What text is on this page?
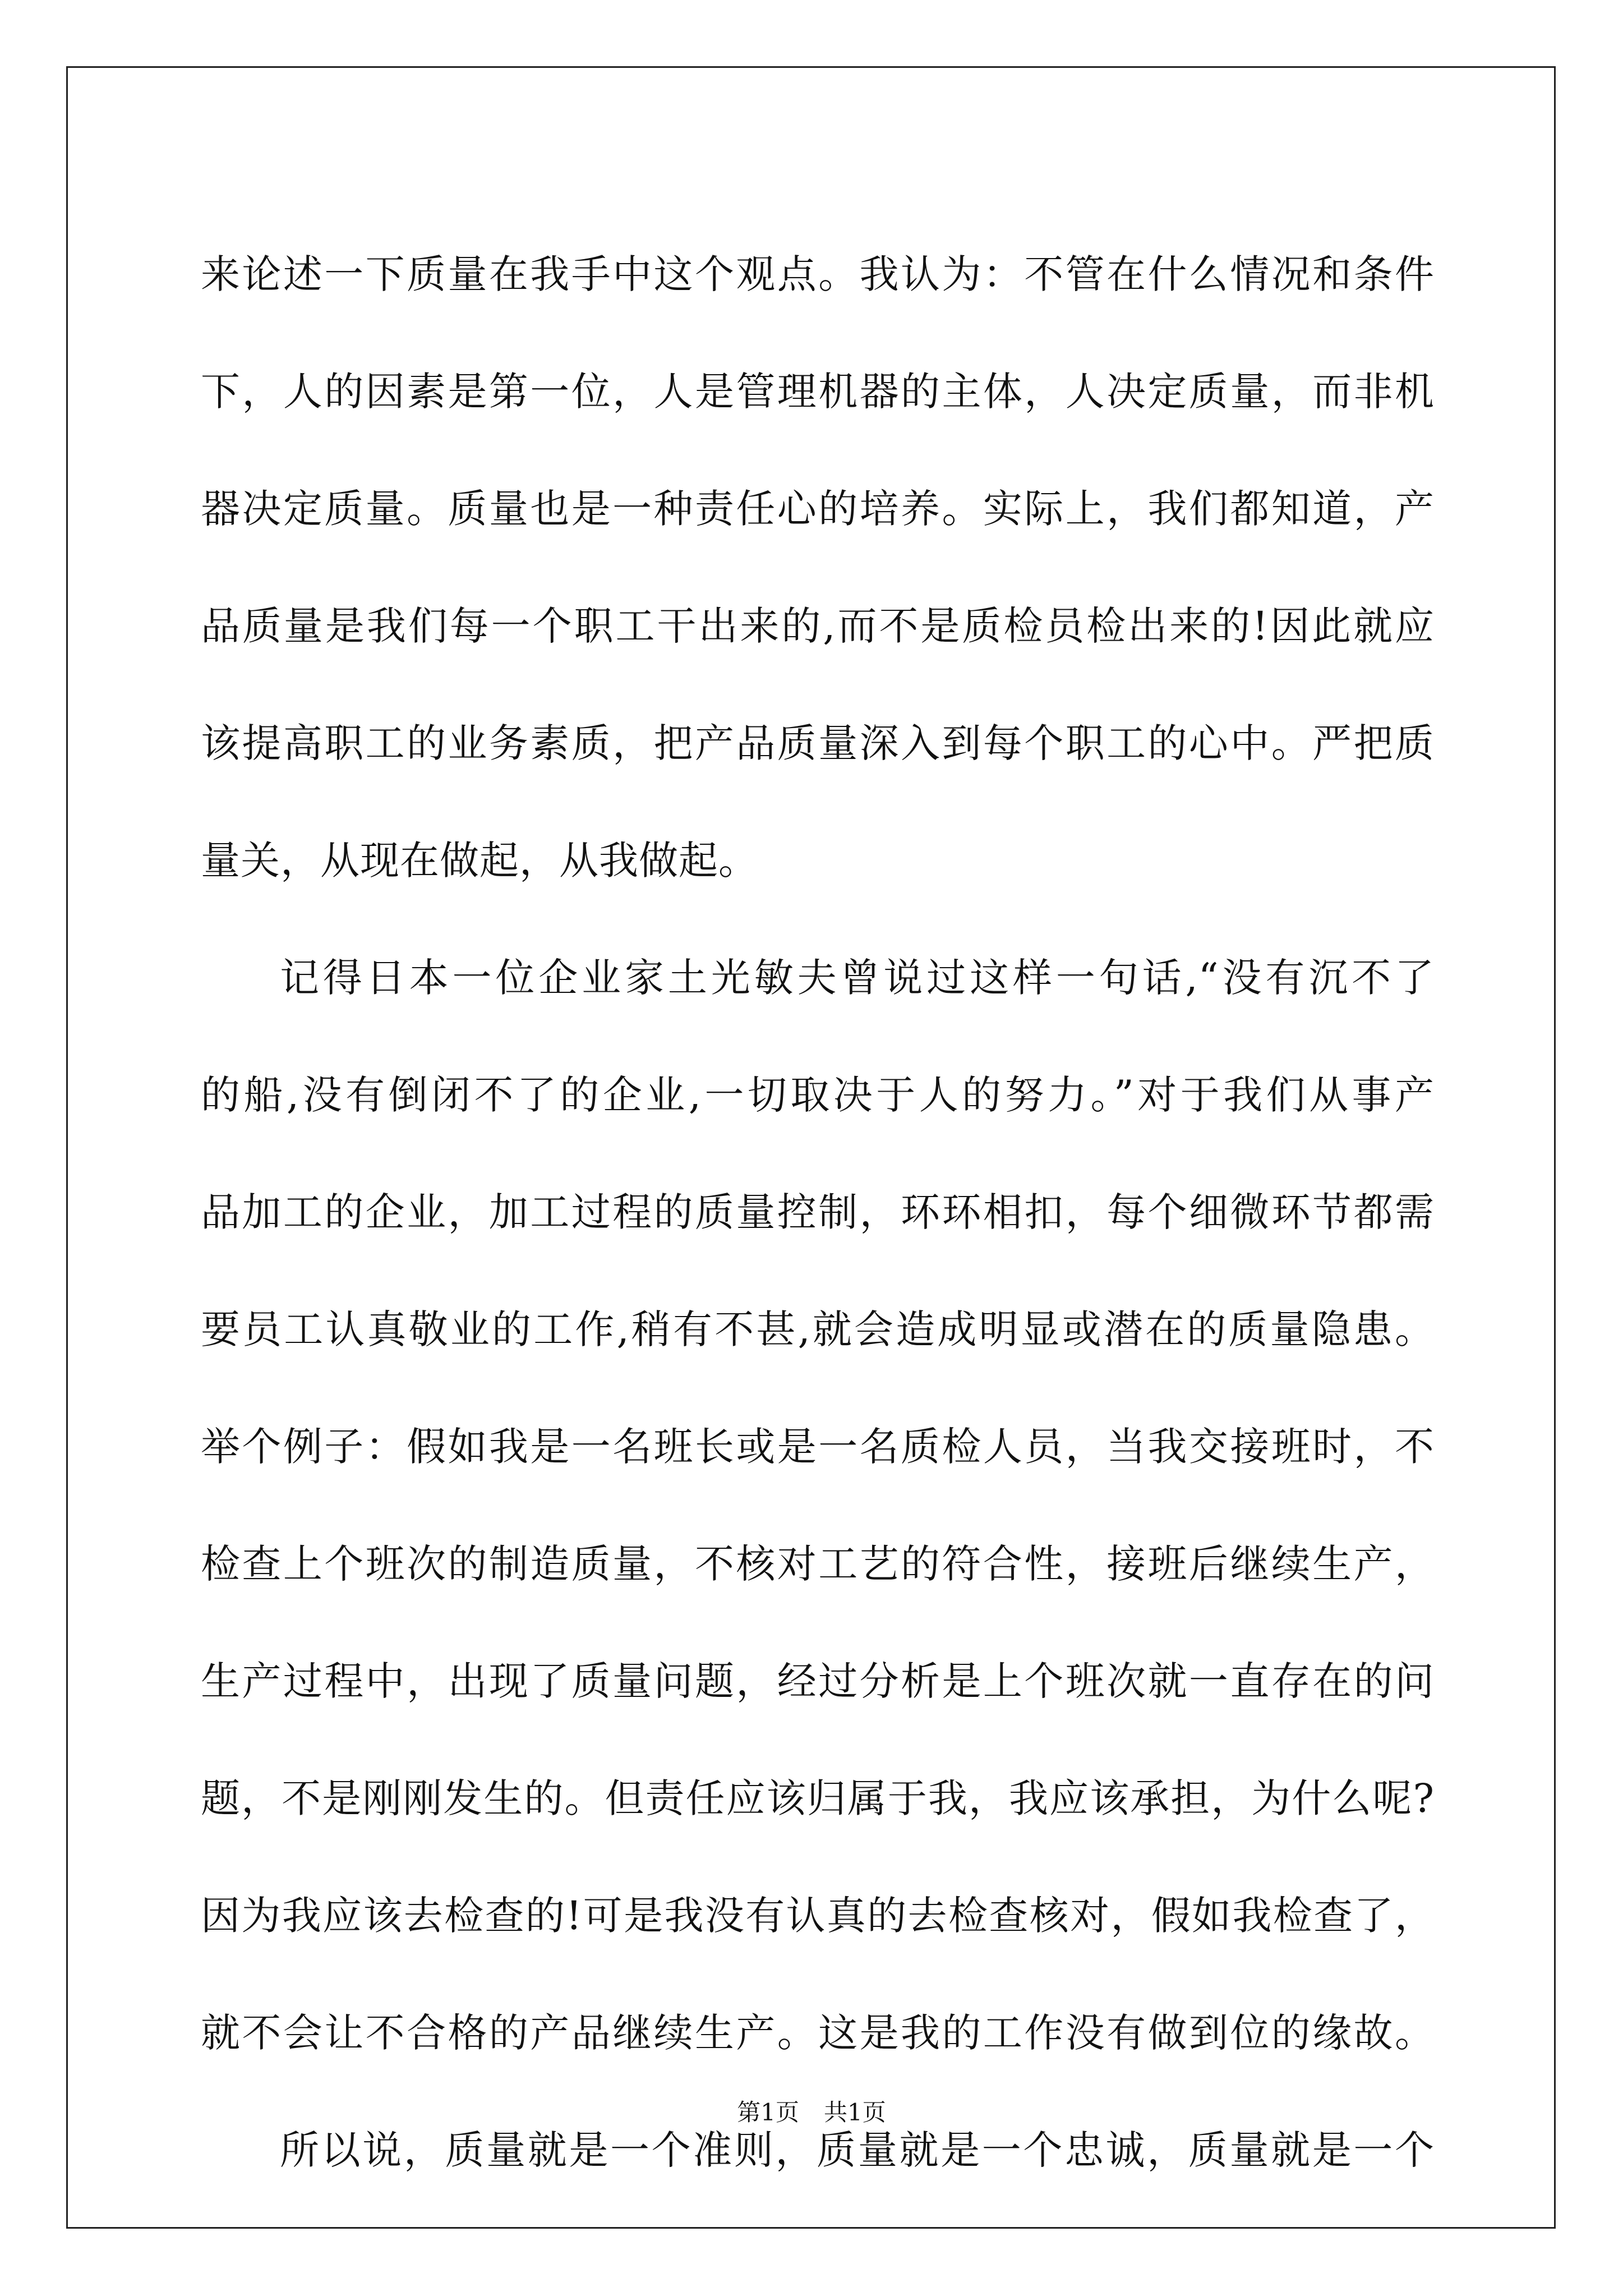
来论述一下质量在我手中这个观点。我认为：不管在什么情况和条件
下，人的因素是第一位，人是管理机器的主体，人决定质量，而非机
器决定质量。质量也是一种责任心的培养。实际上，我们都知道，产
品质量是我们每一个职工干出来的,而不是质检员检出来的!因此就应
该提高职工的业务素质，把产品质量深入到每个职工的心中。严把质
量关，从现在做起，从我做起。
记得日本一位企业家土光敏夫曾说过这样一句话,“没有沉不了
的船,没有倒闭不了的企业,一切取决于人的努力。”对于我们从事产
品加工的企业，加工过程的质量控制，环环相扣，每个细微环节都需
要员工认真敬业的工作,稍有不甚,就会造成明显或潜在的质量隐患。
举个例子：假如我是一名班长或是一名质检人员，当我交接班时，不
检查上个班次的制造质量，不核对工艺的符合性，接班后继续生产，
生产过程中，出现了质量问题，经过分析是上个班次就一直存在的问
题，不是刚刚发生的。但责任应该归属于我，我应该承担，为什么呢?
因为我应该去检查的!可是我没有认真的去检查核对，假如我检查了，
就不会让不合格的产品继续生产。这是我的工作没有做到位的缘故。
所以说，质量就是一个准则，质量就是一个忠诚，质量就是一个
第1页 共1页
